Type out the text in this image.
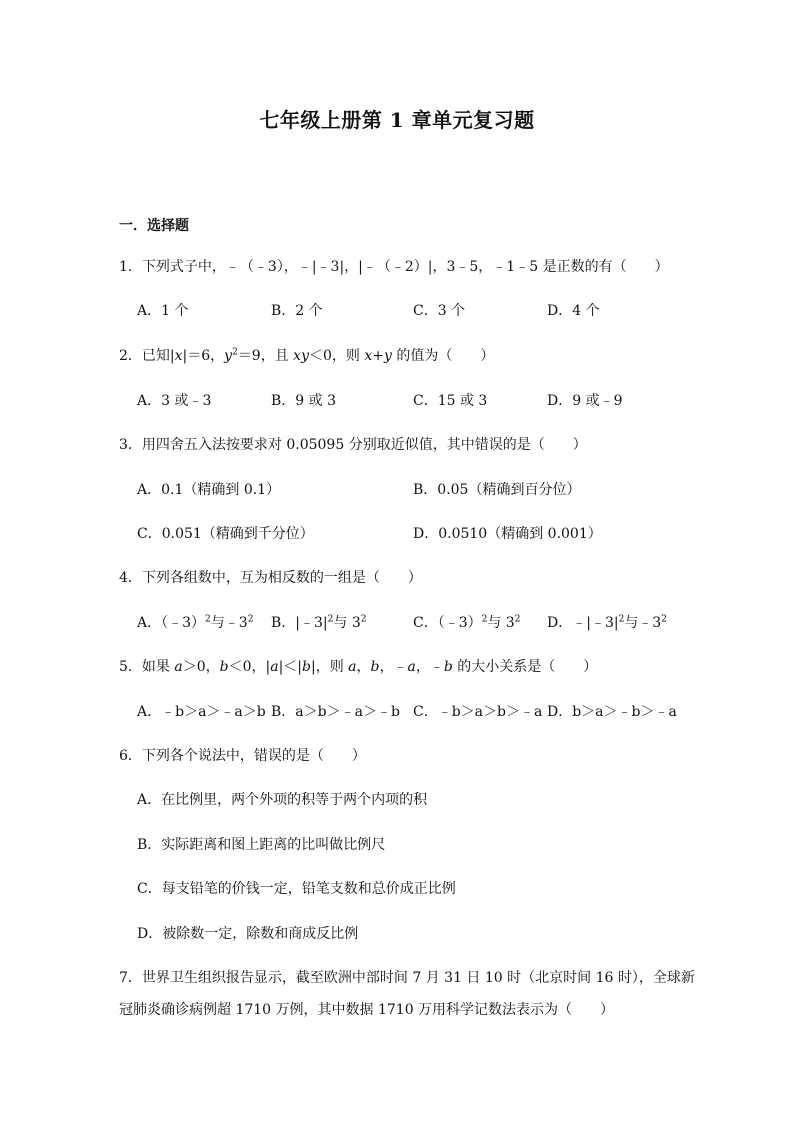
七年级上册第 1 章单元复习题
一．选择题
1．下列式子中，﹣（﹣3），﹣|﹣3|，|﹣（﹣2）|，3﹣5，﹣1﹣5 是正数的有（　　）
A．1 个	B．2 个	C．3 个	D．4 个
2．已知|x|＝6，$y^2=9$，且 xy＜0，则 x+y 的值为（　　）
A．3 或﹣3	B．9 或 3	C．15 或 3	D．9 或﹣9
3．用四舍五入法按要求对 0.05095 分别取近似值，其中错误的是（　　）
A．0.1（精确到 0.1）	B．0.05（精确到百分位）
C．0.051（精确到千分位）	D．0.0510（精确到 0.001）
4．下列各组数中，互为相反数的一组是（　　）
A．（﹣3）$^2$与$﹣3^2$ B．$|﹣3|^2$与 $3^2$	C．（﹣3）$^2$与 $3^2$ D．$﹣|﹣3|^2$与$﹣3^2$
5．如果 a＞0，b＜0，|a|＜|b|，则 a，b，﹣a，﹣b 的大小关系是（　　）
A．﹣b＞a＞﹣a＞b B．a＞b＞﹣a＞﹣b C．﹣b＞a＞b＞﹣a D．b＞a＞﹣b＞﹣a
6．下列各个说法中，错误的是（　　）
A．在比例里，两个外项的积等于两个内项的积
B．实际距离和图上距离的比叫做比例尺
C．每支铅笔的价钱一定，铅笔支数和总价成正比例
D．被除数一定，除数和商成反比例
7．世界卫生组织报告显示，截至欧洲中部时间 7 月 31 日 10 时（北京时间 16 时），全球新
冠肺炎确诊病例超 1710 万例，其中数据 1710 万用科学记数法表示为（　　）
